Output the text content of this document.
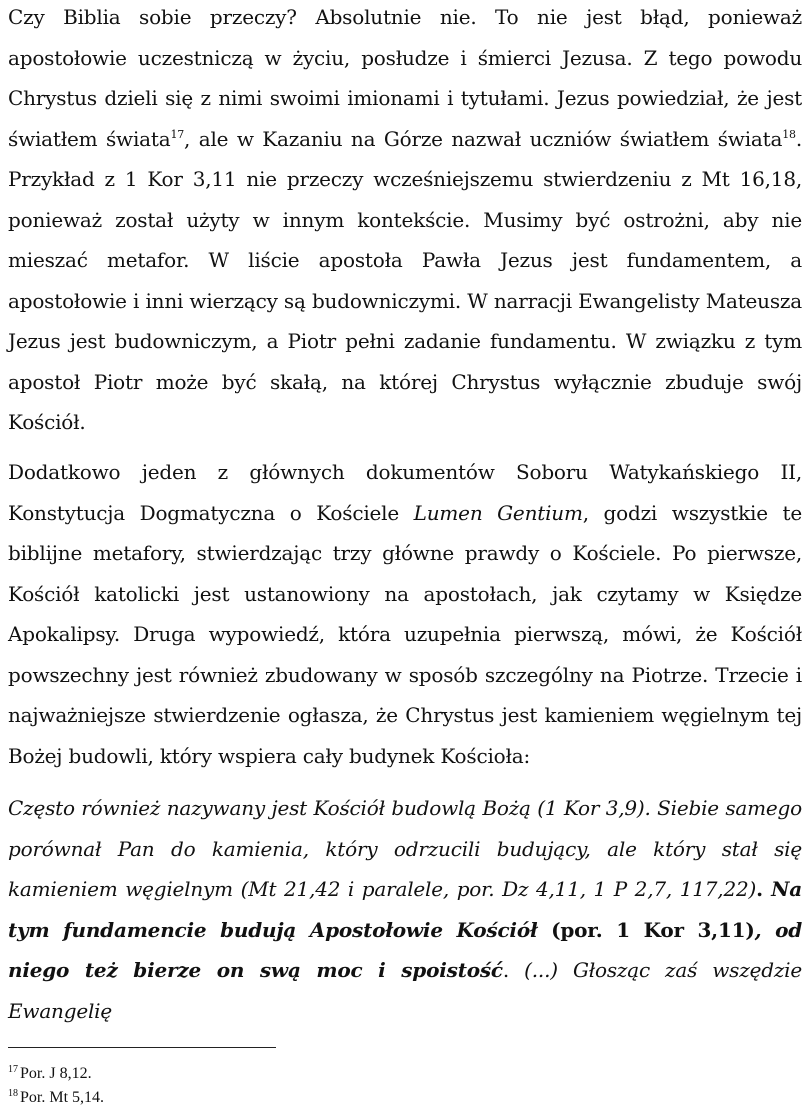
Czy Biblia sobie przeczy? Absolutnie nie. To nie jest błąd, ponieważ apostołowie uczestniczą w życiu, posłudze i śmierci Jezusa. Z tego powodu Chrystus dzieli się z nimi swoimi imionami i tytułami. Jezus powiedział, że jest światłem świata$^{17}$, ale w Kazaniu na Górze nazwał uczniów światłem świata$^{18}$. Przykład z 1 Kor 3,11 nie przeczy wcześniejszemu stwierdzeniu z Mt 16,18, ponieważ został użyty w innym kontekście. Musimy być ostrożni, aby nie mieszać metafor. W liście apostoła Pawła Jezus jest fundamentem, a apostołowie i inni wierzący są budowniczymi. W narracji Ewangelisty Mateusza Jezus jest budowniczym, a Piotr pełni zadanie fundamentu. W związku z tym apostoł Piotr może być skałą, na której Chrystus wyłącznie zbuduje swój Kościół.

Dodatkowo jeden z głównych dokumentów Soboru Watykańskiego II, Konstytucja Dogmatyczna o Kościele Lumen Gentium, godzi wszystkie te biblijne metafory, stwierdzając trzy główne prawdy o Kościele. Po pierwsze, Kościół katolicki jest ustanowiony na apostołach, jak czytamy w Księdze Apokalipsy. Druga wypowiedź, która uzupełnia pierwszą, mówi, że Kościół powszechny jest również zbudowany w sposób szczególny na Piotrze. Trzecie i najważniejsze stwierdzenie ogłasza, że Chrystus jest kamieniem węgielnym tej Bożej budowli, który wspiera cały budynek Kościoła:

Często również nazywany jest Kościół budowlą Bożą (1 Kor 3,9). Siebie samego porównał Pan do kamienia, który odrzucili budujący, ale który stał się kamieniem węgielnym (Mt 21,42 i paralele, por. Dz 4,11, 1 P 2,7, 117,22). Na tym fundamencie budują Apostołowie Kościół (por. 1 Kor 3,11), od niego też bierze on swą moc i spoistość. (...) Głosząc zaś wszędzie Ewangelię

$^{17}$ Por. J 8,12.

$^{18}$ Por. Mt 5,14.
